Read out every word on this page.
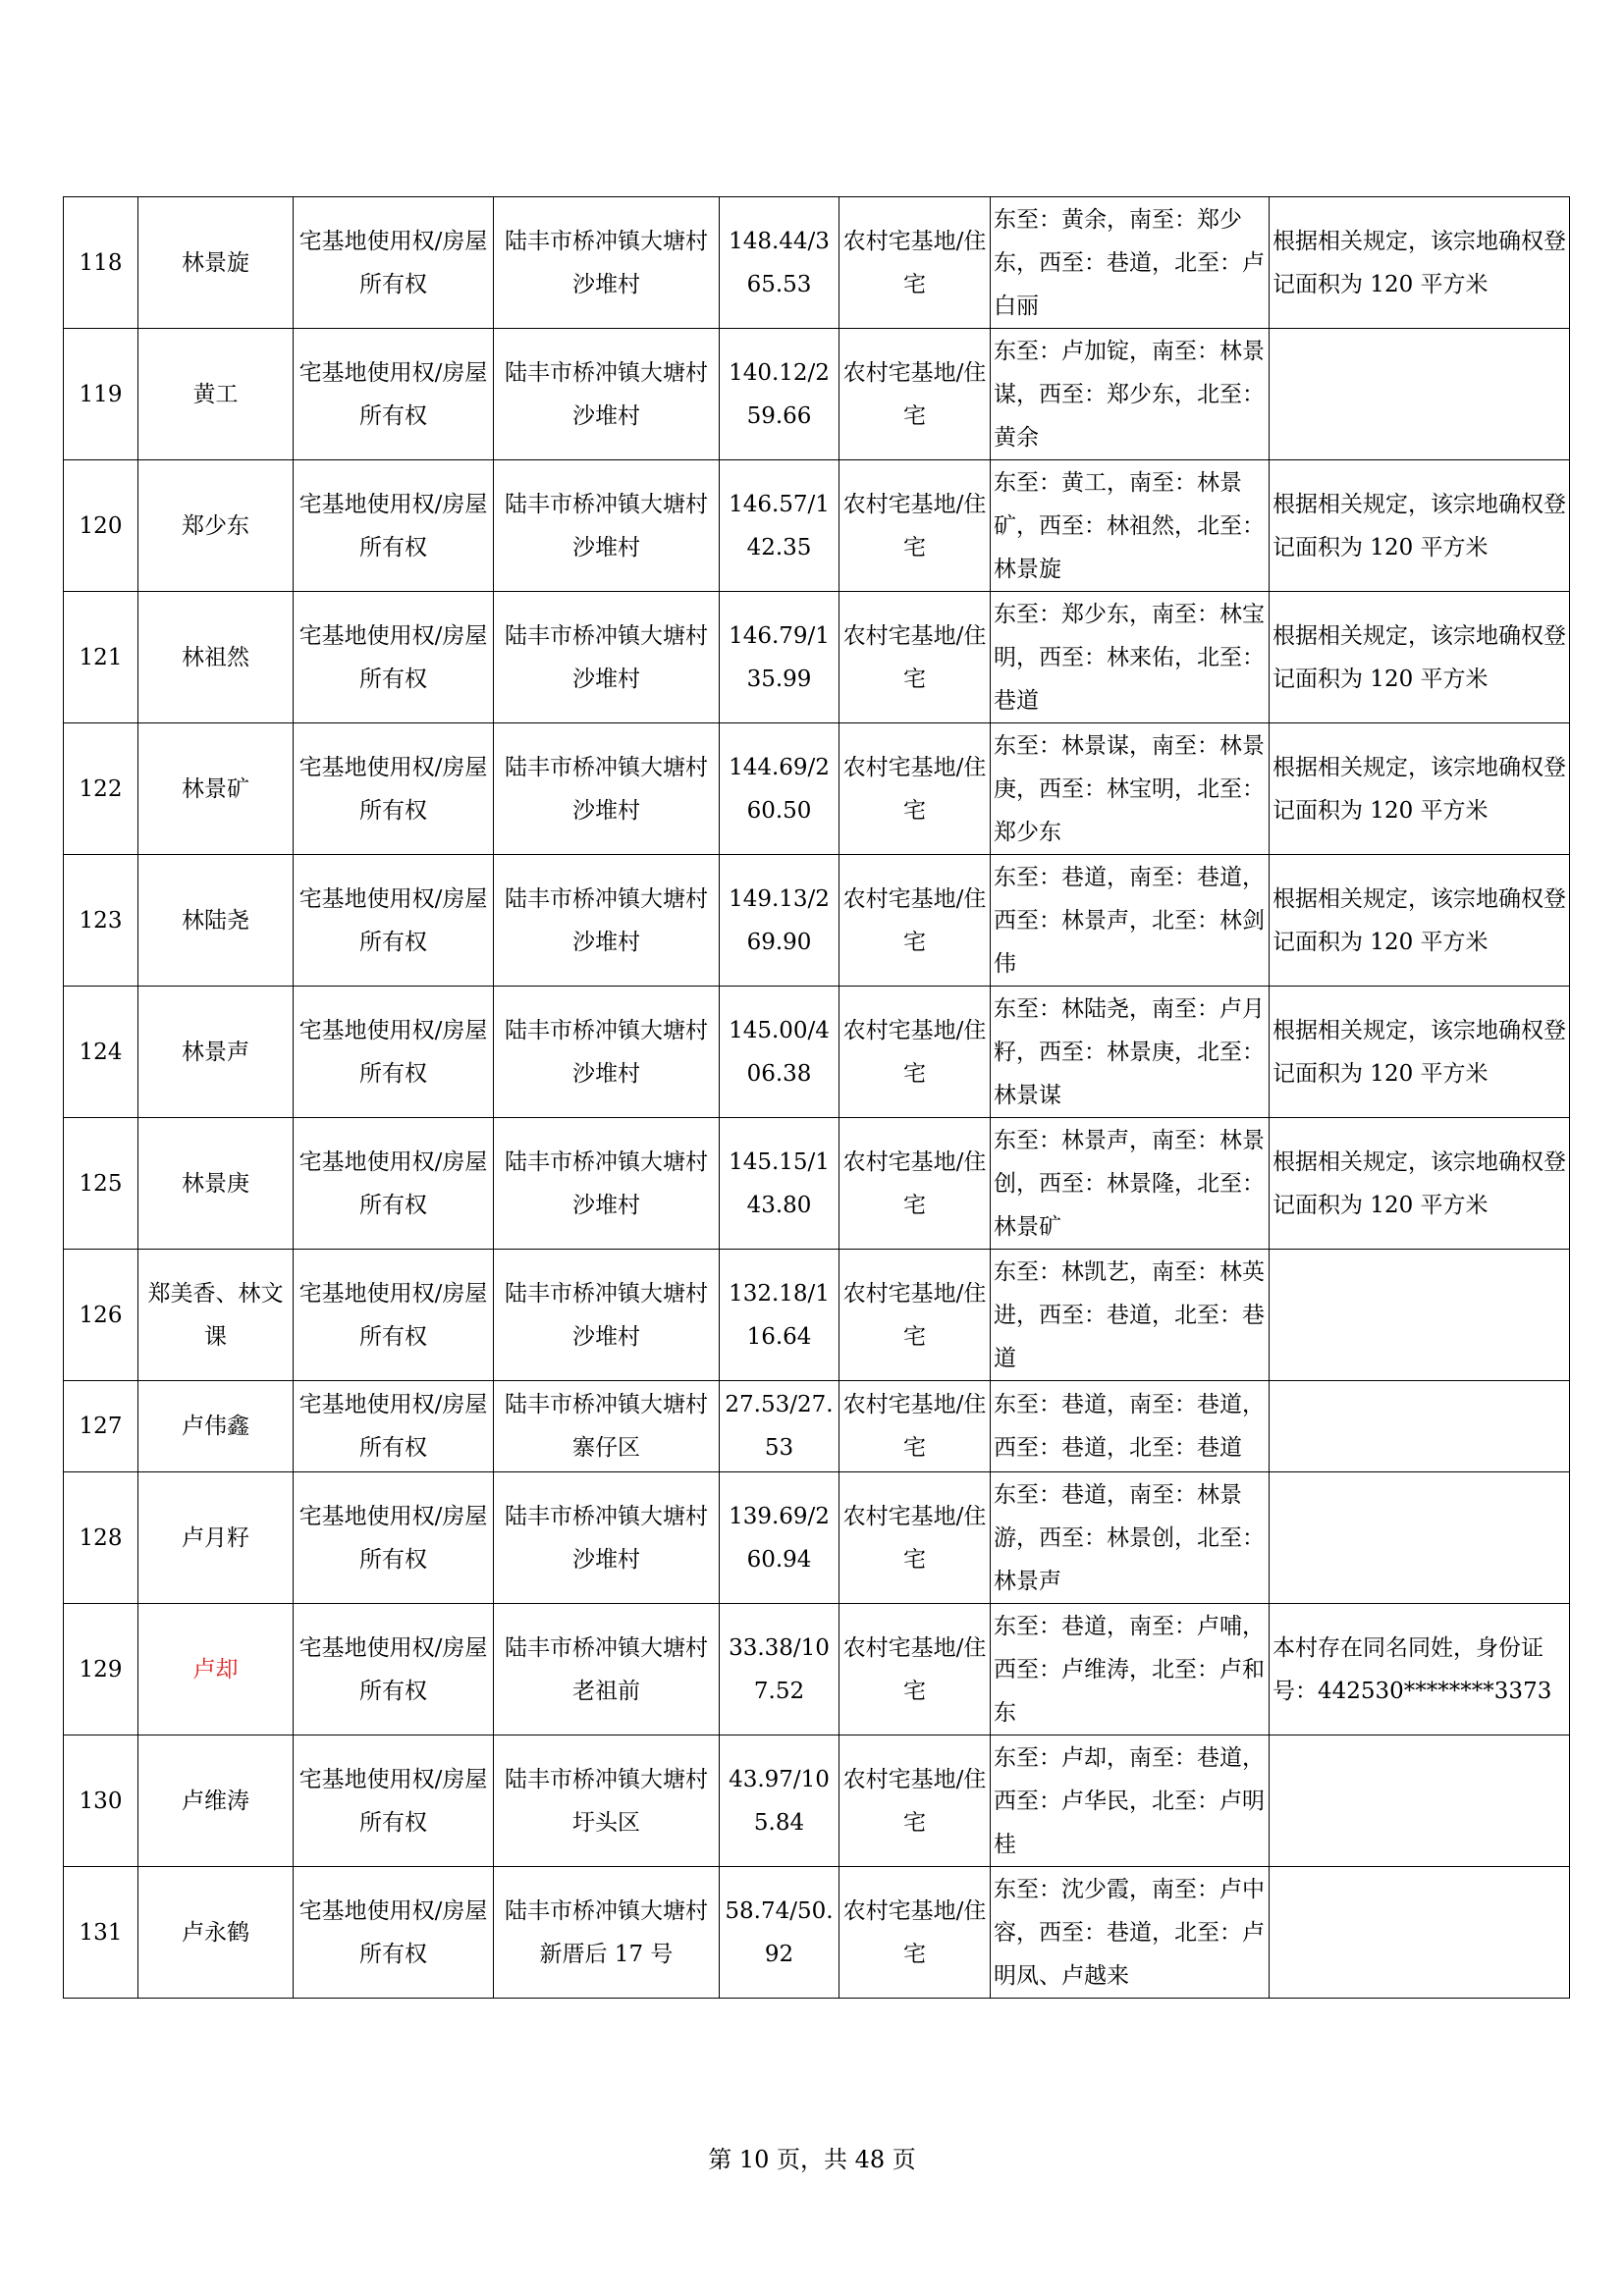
118	林景旋	宅基地使用权/房屋所有权	陆丰市桥冲镇大塘村沙堆村	148.44/365.53	农村宅基地/住宅	东至：黄余，南至：郑少东，西至：巷道，北至：卢白丽	根据相关规定，该宗地确权登记面积为 120 平方米
119	黄工	宅基地使用权/房屋所有权	陆丰市桥冲镇大塘村沙堆村	140.12/259.66	农村宅基地/住宅	东至：卢加锭，南至：林景谋，西至：郑少东，北至：黄余	
120	郑少东	宅基地使用权/房屋所有权	陆丰市桥冲镇大塘村沙堆村	146.57/142.35	农村宅基地/住宅	东至：黄工，南至：林景矿，西至：林祖然，北至：林景旋	根据相关规定，该宗地确权登记面积为 120 平方米
121	林祖然	宅基地使用权/房屋所有权	陆丰市桥冲镇大塘村沙堆村	146.79/135.99	农村宅基地/住宅	东至：郑少东，南至：林宝明，西至：林来佑，北至：巷道	根据相关规定，该宗地确权登记面积为 120 平方米
122	林景矿	宅基地使用权/房屋所有权	陆丰市桥冲镇大塘村沙堆村	144.69/260.50	农村宅基地/住宅	东至：林景谋，南至：林景庚，西至：林宝明，北至：郑少东	根据相关规定，该宗地确权登记面积为 120 平方米
123	林陆尧	宅基地使用权/房屋所有权	陆丰市桥冲镇大塘村沙堆村	149.13/269.90	农村宅基地/住宅	东至：巷道，南至：巷道，西至：林景声，北至：林剑伟	根据相关规定，该宗地确权登记面积为 120 平方米
124	林景声	宅基地使用权/房屋所有权	陆丰市桥冲镇大塘村沙堆村	145.00/406.38	农村宅基地/住宅	东至：林陆尧，南至：卢月籽，西至：林景庚，北至：林景谋	根据相关规定，该宗地确权登记面积为 120 平方米
125	林景庚	宅基地使用权/房屋所有权	陆丰市桥冲镇大塘村沙堆村	145.15/143.80	农村宅基地/住宅	东至：林景声，南至：林景创，西至：林景隆，北至：林景矿	根据相关规定，该宗地确权登记面积为 120 平方米
126	郑美香、林文课	宅基地使用权/房屋所有权	陆丰市桥冲镇大塘村沙堆村	132.18/116.64	农村宅基地/住宅	东至：林凯艺，南至：林英进，西至：巷道，北至：巷道	
127	卢伟鑫	宅基地使用权/房屋所有权	陆丰市桥冲镇大塘村寨仔区	27.53/27.53	农村宅基地/住宅	东至：巷道，南至：巷道，西至：巷道，北至：巷道	
128	卢月籽	宅基地使用权/房屋所有权	陆丰市桥冲镇大塘村沙堆村	139.69/260.94	农村宅基地/住宅	东至：巷道，南至：林景游，西至：林景创，北至：林景声	
129	卢却	宅基地使用权/房屋所有权	陆丰市桥冲镇大塘村老祖前	33.38/107.52	农村宅基地/住宅	东至：巷道，南至：卢哺，西至：卢维涛，北至：卢和东	本村存在同名同姓，身份证号：442530********3373
130	卢维涛	宅基地使用权/房屋所有权	陆丰市桥冲镇大塘村圩头区	43.97/105.84	农村宅基地/住宅	东至：卢却，南至：巷道，西至：卢华民，北至：卢明桂	
131	卢永鹤	宅基地使用权/房屋所有权	陆丰市桥冲镇大塘村新厝后 17 号	58.74/50.92	农村宅基地/住宅	东至：沈少霞，南至：卢中容，西至：巷道，北至：卢明凤、卢越来	
第 10 页，共 48 页
